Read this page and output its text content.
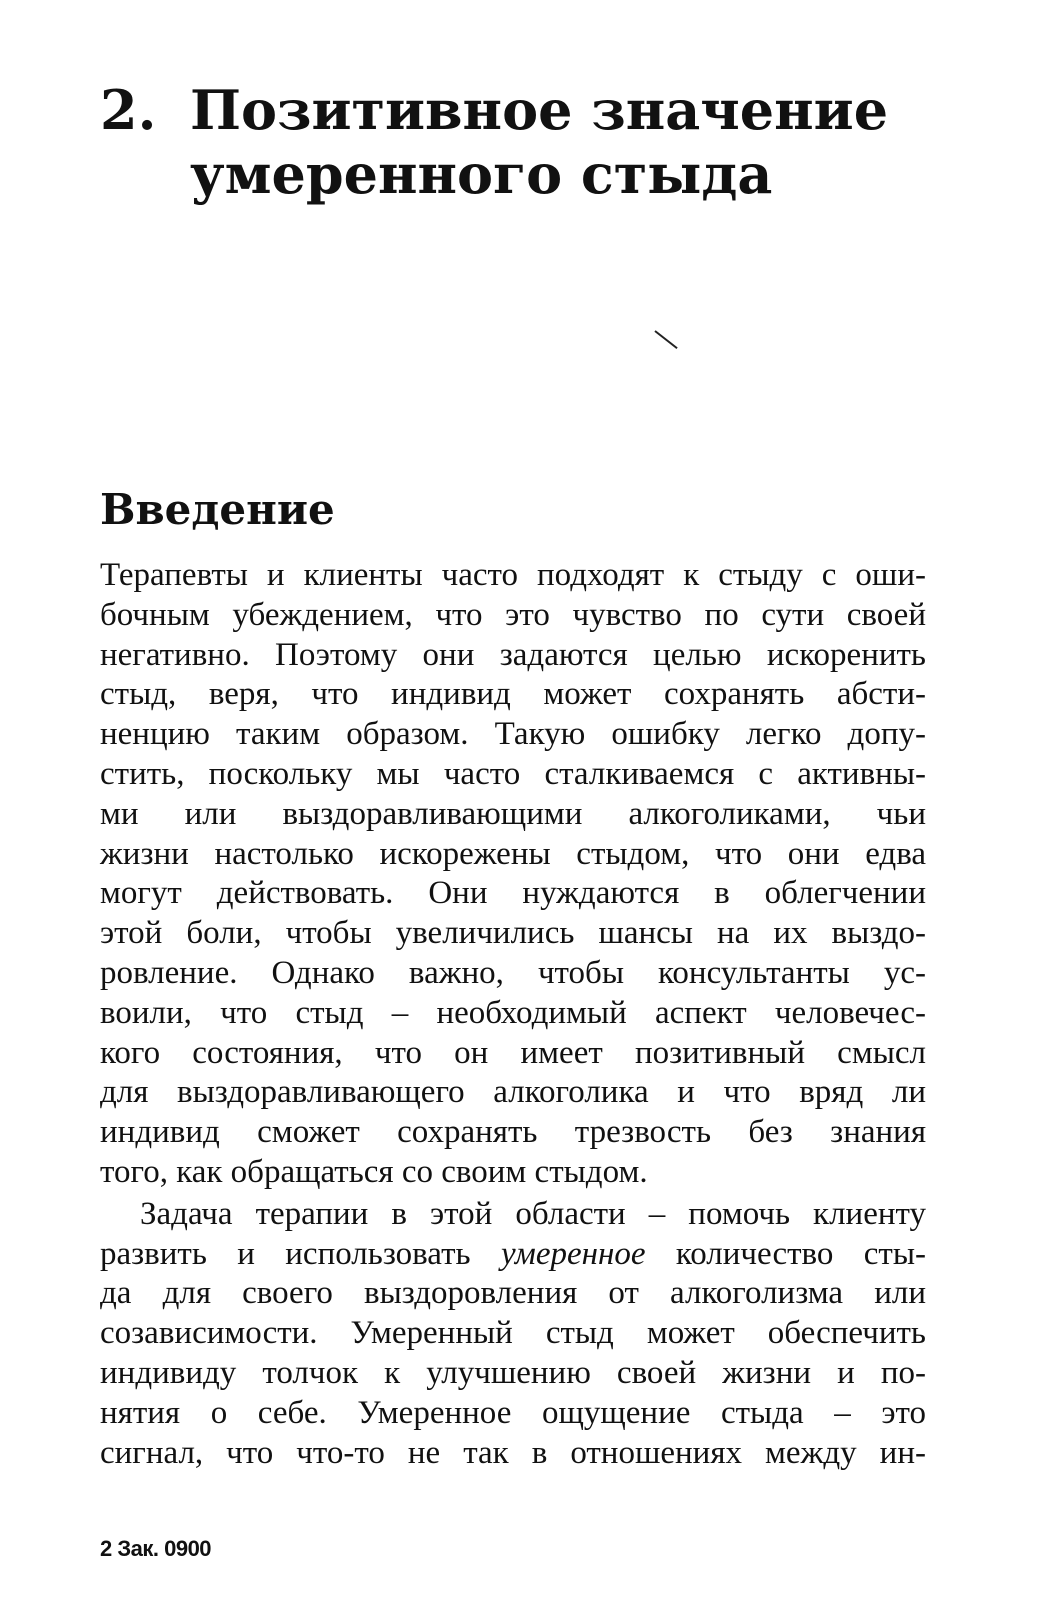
2. Позитивное значение
умеренного стыда
Введение
Терапевты и клиенты часто подходят к стыду с оши-
бочным убеждением, что это чувство по сути своей
негативно. Поэтому они задаются целью искоренить
стыд, веря, что индивид может сохранять абсти-
ненцию таким образом. Такую ошибку легко допу-
стить, поскольку мы часто сталкиваемся с активны-
ми или выздоравливающими алкоголиками, чьи
жизни настолько искорежены стыдом, что они едва
могут действовать. Они нуждаются в облегчении
этой боли, чтобы увеличились шансы на их выздо-
ровление. Однако важно, чтобы консультанты ус-
воили, что стыд – необходимый аспект человечес-
кого состояния, что он имеет позитивный смысл
для выздоравливающего алкоголика и что вряд ли
индивид сможет сохранять трезвость без знания
того, как обращаться со своим стыдом.
Задача терапии в этой области – помочь клиенту
развить и использовать умеренное количество сты-
да для своего выздоровления от алкоголизма или
созависимости. Умеренный стыд может обеспечить
индивиду толчок к улучшению своей жизни и по-
нятия о себе. Умеренное ощущение стыда – это
сигнал, что что-то не так в отношениях между ин-
2 Зак. 0900
